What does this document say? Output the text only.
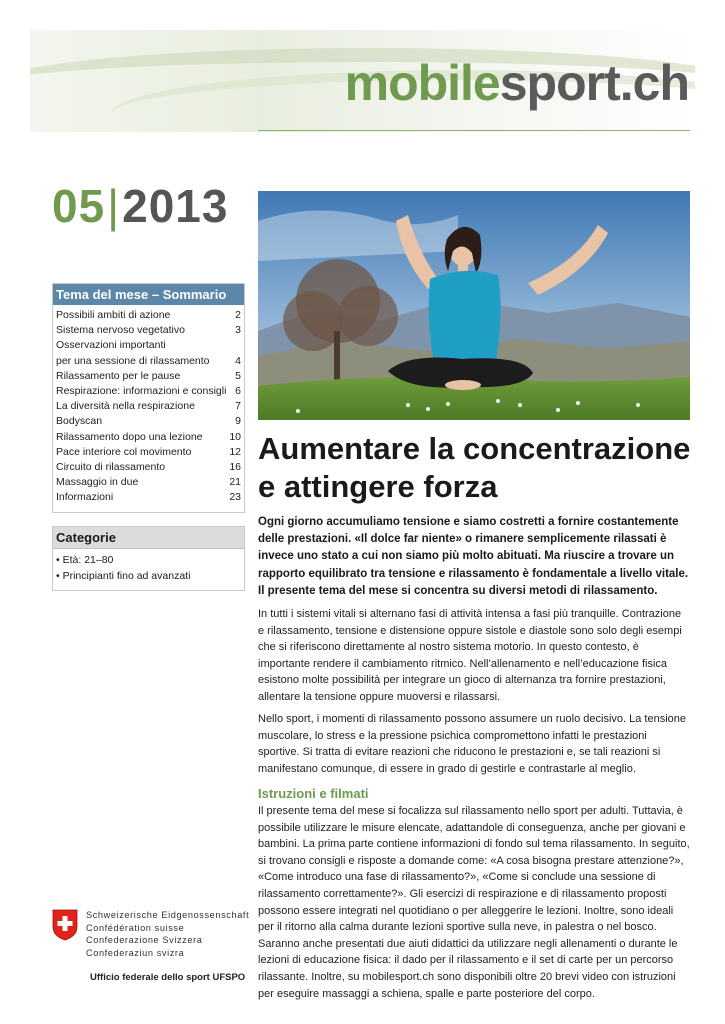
mobilesport.ch
05|2013
Tema del mese – Sommario
Possibili ambiti di azione	2
Sistema nervoso vegetativo	3
Osservazioni importanti
per una sessione di rilassamento	4
Rilassamento per le pause	5
Respirazione: informazioni e consigli 6
La diversità nella respirazione	7
Bodyscan	9
Rilassamento dopo una lezione	10
Pace interiore col movimento	12
Circuito di rilassamento	16
Massaggio in due	21
Informazioni	23
Categorie
• Età: 21–80
• Principianti fino ad avanzati
Aumentare la concentrazione
e attingere forza

Ogni giorno accumuliamo tensione e siamo costretti a fornire costantemente delle prestazioni. «Il dolce far niente» o rimanere semplicemente rilassati è invece uno stato a cui non siamo più molto abituati. Ma riuscire a trovare un rapporto equilibrato tra tensione e rilassamento è fondamentale a livello vitale. Il presente tema del mese si concentra su diversi metodi di rilassamento.

In tutti i sistemi vitali si alternano fasi di attività intensa a fasi più tranquille. Contrazione e rilassamento, tensione e distensione oppure sistole e diastole sono solo degli esempi che si riferiscono direttamente al nostro sistema motorio. In questo contesto, è importante rendere il cambiamento ritmico. Nell’allenamento e nell’educazione fisica esistono molte possibilità per integrare un gioco di alternanza tra fornire prestazioni, allentare la tensione oppure muoversi e rilassarsi.

Nello sport, i momenti di rilassamento possono assumere un ruolo decisivo. La tensione muscolare, lo stress e la pressione psichica compromettono infatti le prestazioni sportive. Si tratta di evitare reazioni che riducono le prestazioni e, se tali reazioni si manifestano comunque, di essere in grado di gestirle e contrastarle al meglio.

Istruzioni e filmati

Il presente tema del mese si focalizza sul rilassamento nello sport per adulti. Tuttavia, è possibile utilizzare le misure elencate, adattandole di conseguenza, anche per giovani e bambini. La prima parte contiene informazioni di fondo sul tema rilassamento. In seguito, si trovano consigli e risposte a domande come: «A cosa bisogna prestare attenzione?», «Come introduco una fase di rilassamento?», «Come si conclude una sessione di rilassamento correttamente?». Gli esercizi di respirazione e di rilassamento proposti possono essere integrati nel quotidiano o per alleggerire le lezioni. Inoltre, sono ideali per il ritorno alla calma durante lezioni sportive sulla neve, in palestra o nel bosco. Saranno anche presentati due aiuti didattici da utilizzare negli allenamenti o durante le lezioni di educazione fisica: il dado per il rilassamento e il set di carte per un percorso rilassante. Inoltre, su mobilesport.ch sono disponibili oltre 20 brevi video con istruzioni per eseguire massaggi a schiena, spalle e parte posteriore del corpo.

Schweizerische Eidgenossenschaft
Confédération suisse
Confederazione Svizzera
Confederaziun svizra
Ufficio federale dello sport UFSPO
